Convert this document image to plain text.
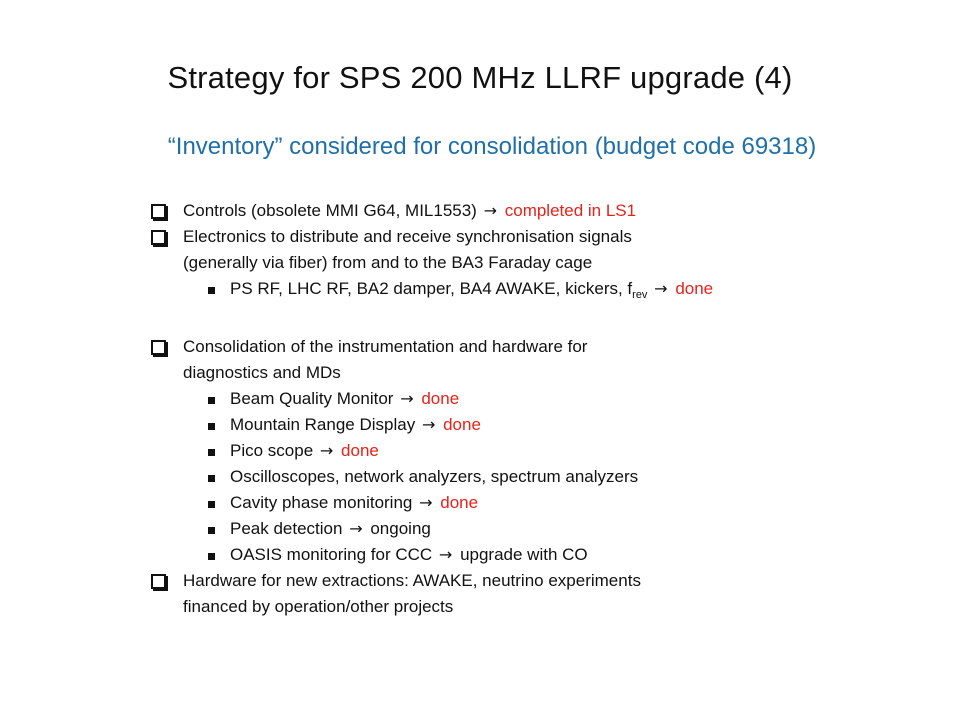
Strategy for SPS 200 MHz LLRF upgrade (4)
“Inventory” considered for consolidation (budget code 69318)
Controls (obsolete MMI G64, MIL1553) → completed in LS1
Electronics to distribute and receive synchronisation signals
(generally via fiber) from and to the BA3 Faraday cage
PS RF, LHC RF, BA2 damper, BA4 AWAKE, kickers, $f_{rev}$ → done
Consolidation of the instrumentation and hardware for
diagnostics and MDs
Beam Quality Monitor → done
Mountain Range Display → done
Pico scope → done
Oscilloscopes, network analyzers, spectrum analyzers
Cavity phase monitoring → done
Peak detection → ongoing
OASIS monitoring for CCC → upgrade with CO
Hardware for new extractions: AWAKE, neutrino experiments
financed by operation/other projects
